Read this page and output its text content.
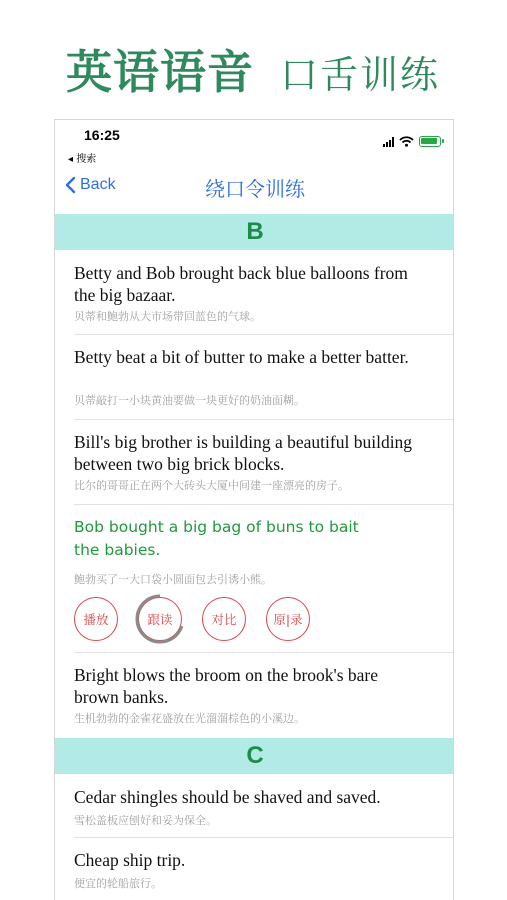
英语语音 口舌训练
16:25
◂ 搜索
绕口令训练
Back
B
Betty and Bob brought back blue balloons from the big bazaar.
贝蒂和鲍勃从大市场带回蓝色的气球。
Betty beat a bit of butter to make a better batter.
贝蒂敲打一小块黄油要做一块更好的奶油面糊。
Bill's big brother is building a beautiful building between two big brick blocks.
比尔的哥哥正在两个大砖头大厦中间建一座漂亮的房子。
Bob bought a big bag of buns to bait the babies.
鲍勃买了一大口袋小圆面包去引诱小熊。
播放	跟读	对比	原|录
Bright blows the broom on the brook's bare brown banks.
生机勃勃的金雀花盛放在光溜溜棕色的小溪边。
C
Cedar shingles should be shaved and saved.
雪松盖板应刨好和妥为保全。
Cheap ship trip.
便宜的轮船旅行。
